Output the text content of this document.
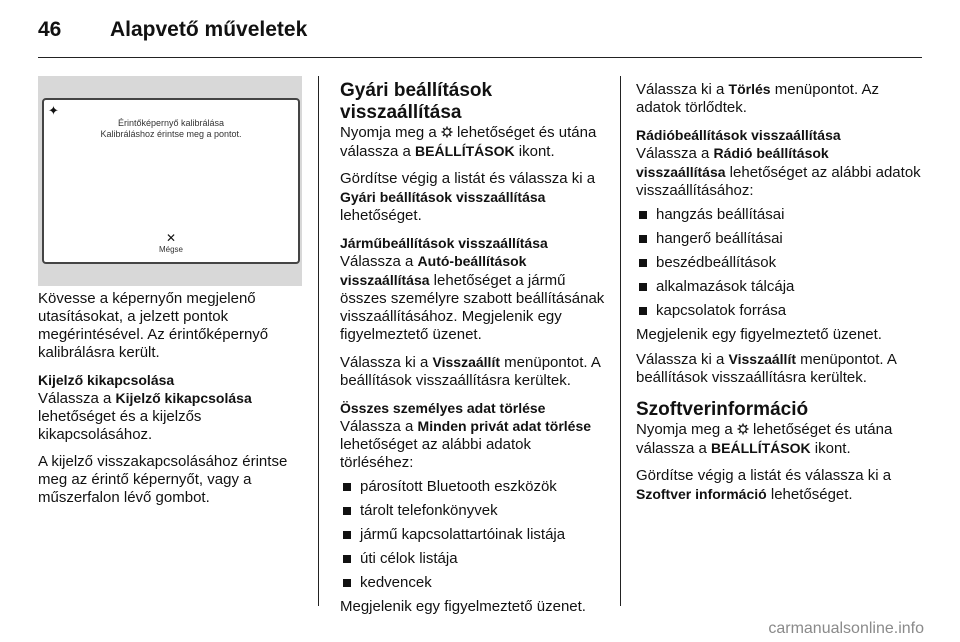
46 Alapvető műveletek
✦
Érintőképernyő kalibrálása
Kalibráláshoz érintse meg a pontot.
✕
Mégse

Kövesse a képernyőn megjelenő utasításokat, a jelzett pontok megérintésével. Az érintőképernyő kalibrálásra került.

Kijelző kikapcsolása

Válassza a Kijelző kikapcsolása lehetőséget és a kijelzős kikapcsolásához.

A kijelző visszakapcsolásához érintse meg az érintő képernyőt, vagy a műszerfalon lévő gombot.

Gyári beállítások visszaállítása

Nyomja meg a  lehetőséget és utána válassza a BEÁLLÍTÁSOK ikont.

Gördítse végig a listát és válassza ki a Gyári beállítások visszaállítása lehetőséget.

Járműbeállítások visszaállítása

Válassza a Autó-beállítások visszaállítása lehetőséget a jármű összes személyre szabott beállításának visszaállításához. Megjelenik egy figyelmeztető üzenet.

Válassza ki a Visszaállít menüpontot. A beállítások visszaállításra kerültek.

Összes személyes adat törlése

Válassza a Minden privát adat törlése lehetőséget az alábbi adatok törléséhez:

párosított Bluetooth eszközök
tárolt telefonkönyvek
jármű kapcsolattartóinak listája
úti célok listája
kedvencek

Megjelenik egy figyelmeztető üzenet.

Válassza ki a Törlés menüpontot. Az adatok törlődtek.

Rádióbeállítások visszaállítása

Válassza a Rádió beállítások visszaállítása lehetőséget az alábbi adatok visszaállításához:

hangzás beállításai
hangerő beállításai
beszédbeállítások
alkalmazások tálcája
kapcsolatok forrása

Megjelenik egy figyelmeztető üzenet.

Válassza ki a Visszaállít menüpontot. A beállítások visszaállításra kerültek.

Szoftverinformáció

Nyomja meg a  lehetőséget és utána válassza a BEÁLLÍTÁSOK ikont.

Gördítse végig a listát és válassza ki a Szoftver információ lehetőséget.

carmanualsonline.info
